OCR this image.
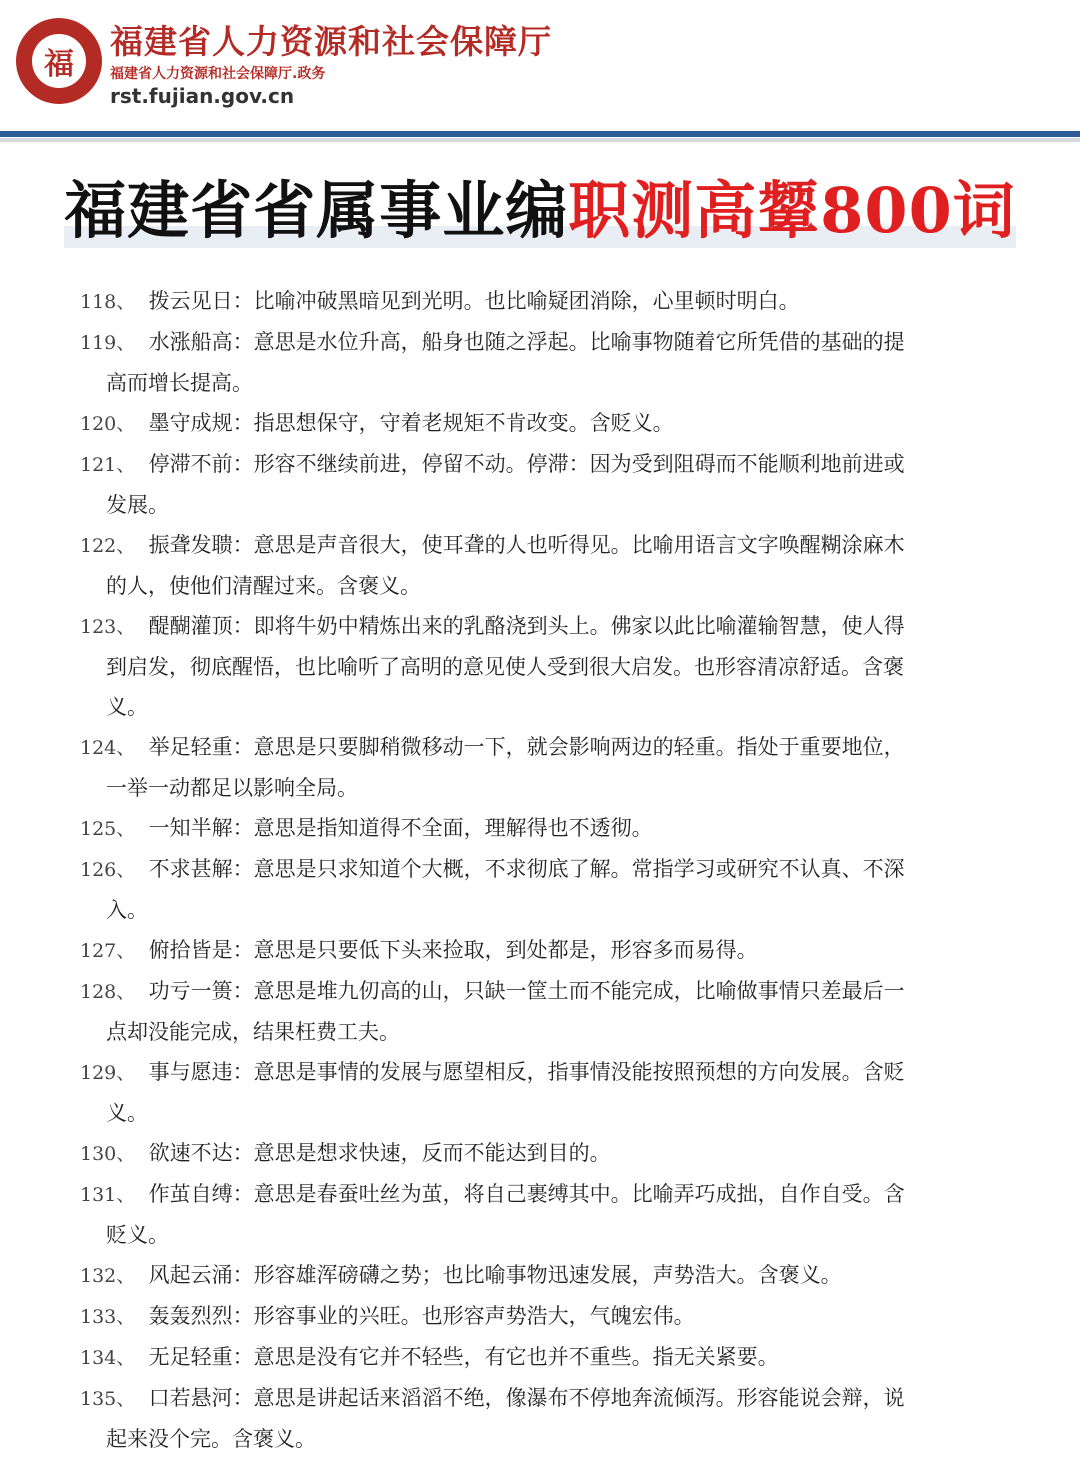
福
福建省人力资源和社会保障厅
福建省人力资源和社会保障厅.政务
rst.fujian.gov.cn
福建省省属事业编职测高颦800词
118、 拨云见日：比喻冲破黑暗见到光明。也比喻疑团消除，心里顿时明白。
119、 水涨船高：意思是水位升高，船身也随之浮起。比喻事物随着它所凭借的基础的提
高而增长提高。
120、 墨守成规：指思想保守，守着老规矩不肯改变。含贬义。
121、 停滞不前：形容不继续前进，停留不动。停滞：因为受到阻碍而不能顺利地前进或
发展。
122、 振聋发聩：意思是声音很大，使耳聋的人也听得见。比喻用语言文字唤醒糊涂麻木
的人，使他们清醒过来。含褒义。
123、 醍醐灌顶：即将牛奶中精炼出来的乳酪浇到头上。佛家以此比喻灌输智慧，使人得
到启发，彻底醒悟，也比喻听了高明的意见使人受到很大启发。也形容清凉舒适。含褒
义。
124、 举足轻重：意思是只要脚稍微移动一下，就会影响两边的轻重。指处于重要地位，
一举一动都足以影响全局。
125、 一知半解：意思是指知道得不全面，理解得也不透彻。
126、 不求甚解：意思是只求知道个大概，不求彻底了解。常指学习或研究不认真、不深
入。
127、 俯拾皆是：意思是只要低下头来捡取，到处都是，形容多而易得。
128、 功亏一篑：意思是堆九仞高的山，只缺一筐土而不能完成，比喻做事情只差最后一
点却没能完成，结果枉费工夫。
129、 事与愿违：意思是事情的发展与愿望相反，指事情没能按照预想的方向发展。含贬
义。
130、 欲速不达：意思是想求快速，反而不能达到目的。
131、 作茧自缚：意思是春蚕吐丝为茧，将自己裹缚其中。比喻弄巧成拙，自作自受。含
贬义。
132、 风起云涌：形容雄浑磅礴之势；也比喻事物迅速发展，声势浩大。含褒义。
133、 轰轰烈烈：形容事业的兴旺。也形容声势浩大，气魄宏伟。
134、 无足轻重：意思是没有它并不轻些，有它也并不重些。指无关紧要。
135、 口若悬河：意思是讲起话来滔滔不绝，像瀑布不停地奔流倾泻。形容能说会辩，说
起来没个完。含褒义。
